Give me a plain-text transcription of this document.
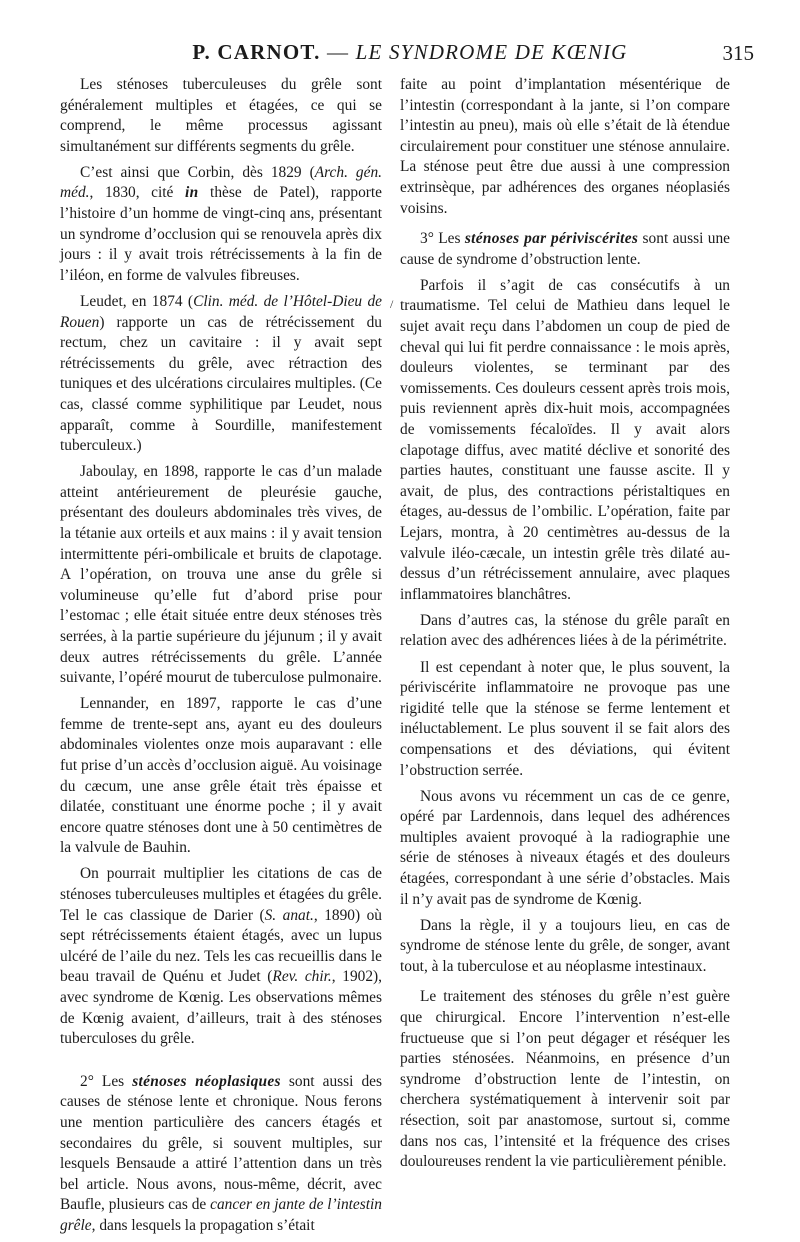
P. CARNOT. — LE SYNDROME DE KŒNIG	315

Les sténoses tuberculeuses du grêle sont généralement multiples et étagées, ce qui se comprend, le même processus agissant simultanément sur différents segments du grêle.

C’est ainsi que Corbin, dès 1829 (Arch. gén. méd., 1830, cité in thèse de Patel), rapporte l’histoire d’un homme de vingt-cinq ans, présentant un syndrome d’occlusion qui se renouvela après dix jours : il y avait trois rétrécissements à la fin de l’iléon, en forme de valvules fibreuses.

Leudet, en 1874 (Clin. méd. de l’Hôtel-Dieu de Rouen) rapporte un cas de rétrécissement du rectum, chez un cavitaire : il y avait sept rétrécissements du grêle, avec rétraction des tuniques et des ulcérations circulaires multiples. (Ce cas, classé comme syphilitique par Leudet, nous apparaît, comme à Sourdille, manifestement tuberculeux.)

Jaboulay, en 1898, rapporte le cas d’un malade atteint antérieurement de pleurésie gauche, présentant des douleurs abdominales très vives, de la tétanie aux orteils et aux mains : il y avait tension intermittente péri-ombilicale et bruits de clapotage. A l’opération, on trouva une anse du grêle si volumineuse qu’elle fut d’abord prise pour l’estomac ; elle était située entre deux sténoses très serrées, à la partie supérieure du jéjunum ; il y avait deux autres rétrécissements du grêle. L’année suivante, l’opéré mourut de tuberculose pulmonaire.

Lennander, en 1897, rapporte le cas d’une femme de trente-sept ans, ayant eu des douleurs abdominales violentes onze mois auparavant : elle fut prise d’un accès d’occlusion aiguë. Au voisinage du cæcum, une anse grêle était très épaisse et dilatée, constituant une énorme poche ; il y avait encore quatre sténoses dont une à 50 centimètres de la valvule de Bauhin.

On pourrait multiplier les citations de cas de sténoses tuberculeuses multiples et étagées du grêle. Tel le cas classique de Darier (S. anat., 1890) où sept rétrécissements étaient étagés, avec un lupus ulcéré de l’aile du nez. Tels les cas recueillis dans le beau travail de Quénu et Judet (Rev. chir., 1902), avec syndrome de Kœnig. Les observations mêmes de Kœnig avaient, d’ailleurs, trait à des sténoses tuberculoses du grêle.

2° Les sténoses néoplasiques sont aussi des causes de sténose lente et chronique. Nous ferons une mention particulière des cancers étagés et secondaires du grêle, si souvent multiples, sur lesquels Bensaude a attiré l’attention dans un très bel article. Nous avons, nous-même, décrit, avec Baufle, plusieurs cas de cancer en jante de l’intestin grêle, dans lesquels la propagation s’était

faite au point d’implantation mésentérique de l’intestin (correspondant à la jante, si l’on compare l’intestin au pneu), mais où elle s’était de là étendue circulairement pour constituer une sténose annulaire. La sténose peut être due aussi à une compression extrinsèque, par adhérences des organes néoplasiés voisins.

3° Les sténoses par périviscérites sont aussi une cause de syndrome d’obstruction lente.

Parfois il s’agit de cas consécutifs à un traumatisme. Tel celui de Mathieu dans lequel le sujet avait reçu dans l’abdomen un coup de pied de cheval qui lui fit perdre connaissance : le mois après, douleurs violentes, se terminant par des vomissements. Ces douleurs cessent après trois mois, puis reviennent après dix-huit mois, accompagnées de vomissements fécaloïdes. Il y avait alors clapotage diffus, avec matité déclive et sonorité des parties hautes, constituant une fausse ascite. Il y avait, de plus, des contractions péristaltiques en étages, au-dessus de l’ombilic. L’opération, faite par Lejars, montra, à 20 centimètres au-dessus de la valvule iléo-cæcale, un intestin grêle très dilaté au-dessus d’un rétrécissement annulaire, avec plaques inflammatoires blanchâtres.

Dans d’autres cas, la sténose du grêle paraît en relation avec des adhérences liées à de la périmétrite.

Il est cependant à noter que, le plus souvent, la périviscérite inflammatoire ne provoque pas une rigidité telle que la sténose se ferme lentement et inéluctablement. Le plus souvent il se fait alors des compensations et des déviations, qui évitent l’obstruction serrée.

Nous avons vu récemment un cas de ce genre, opéré par Lardennois, dans lequel des adhérences multiples avaient provoqué à la radiographie une série de sténoses à niveaux étagés et des douleurs étagées, correspondant à une série d’obstacles. Mais il n’y avait pas de syndrome de Kœnig.

Dans la règle, il y a toujours lieu, en cas de syndrome de sténose lente du grêle, de songer, avant tout, à la tuberculose et au néoplasme intestinaux.

Le traitement des sténoses du grêle n’est guère que chirurgical. Encore l’intervention n’est-elle fructueuse que si l’on peut dégager et réséquer les parties sténosées. Néanmoins, en présence d’un syndrome d’obstruction lente de l’intestin, on cherchera systématiquement à intervenir soit par résection, soit par anastomose, surtout si, comme dans nos cas, l’intensité et la fréquence des crises douloureuses rendent la vie particulièrement pénible.

/
